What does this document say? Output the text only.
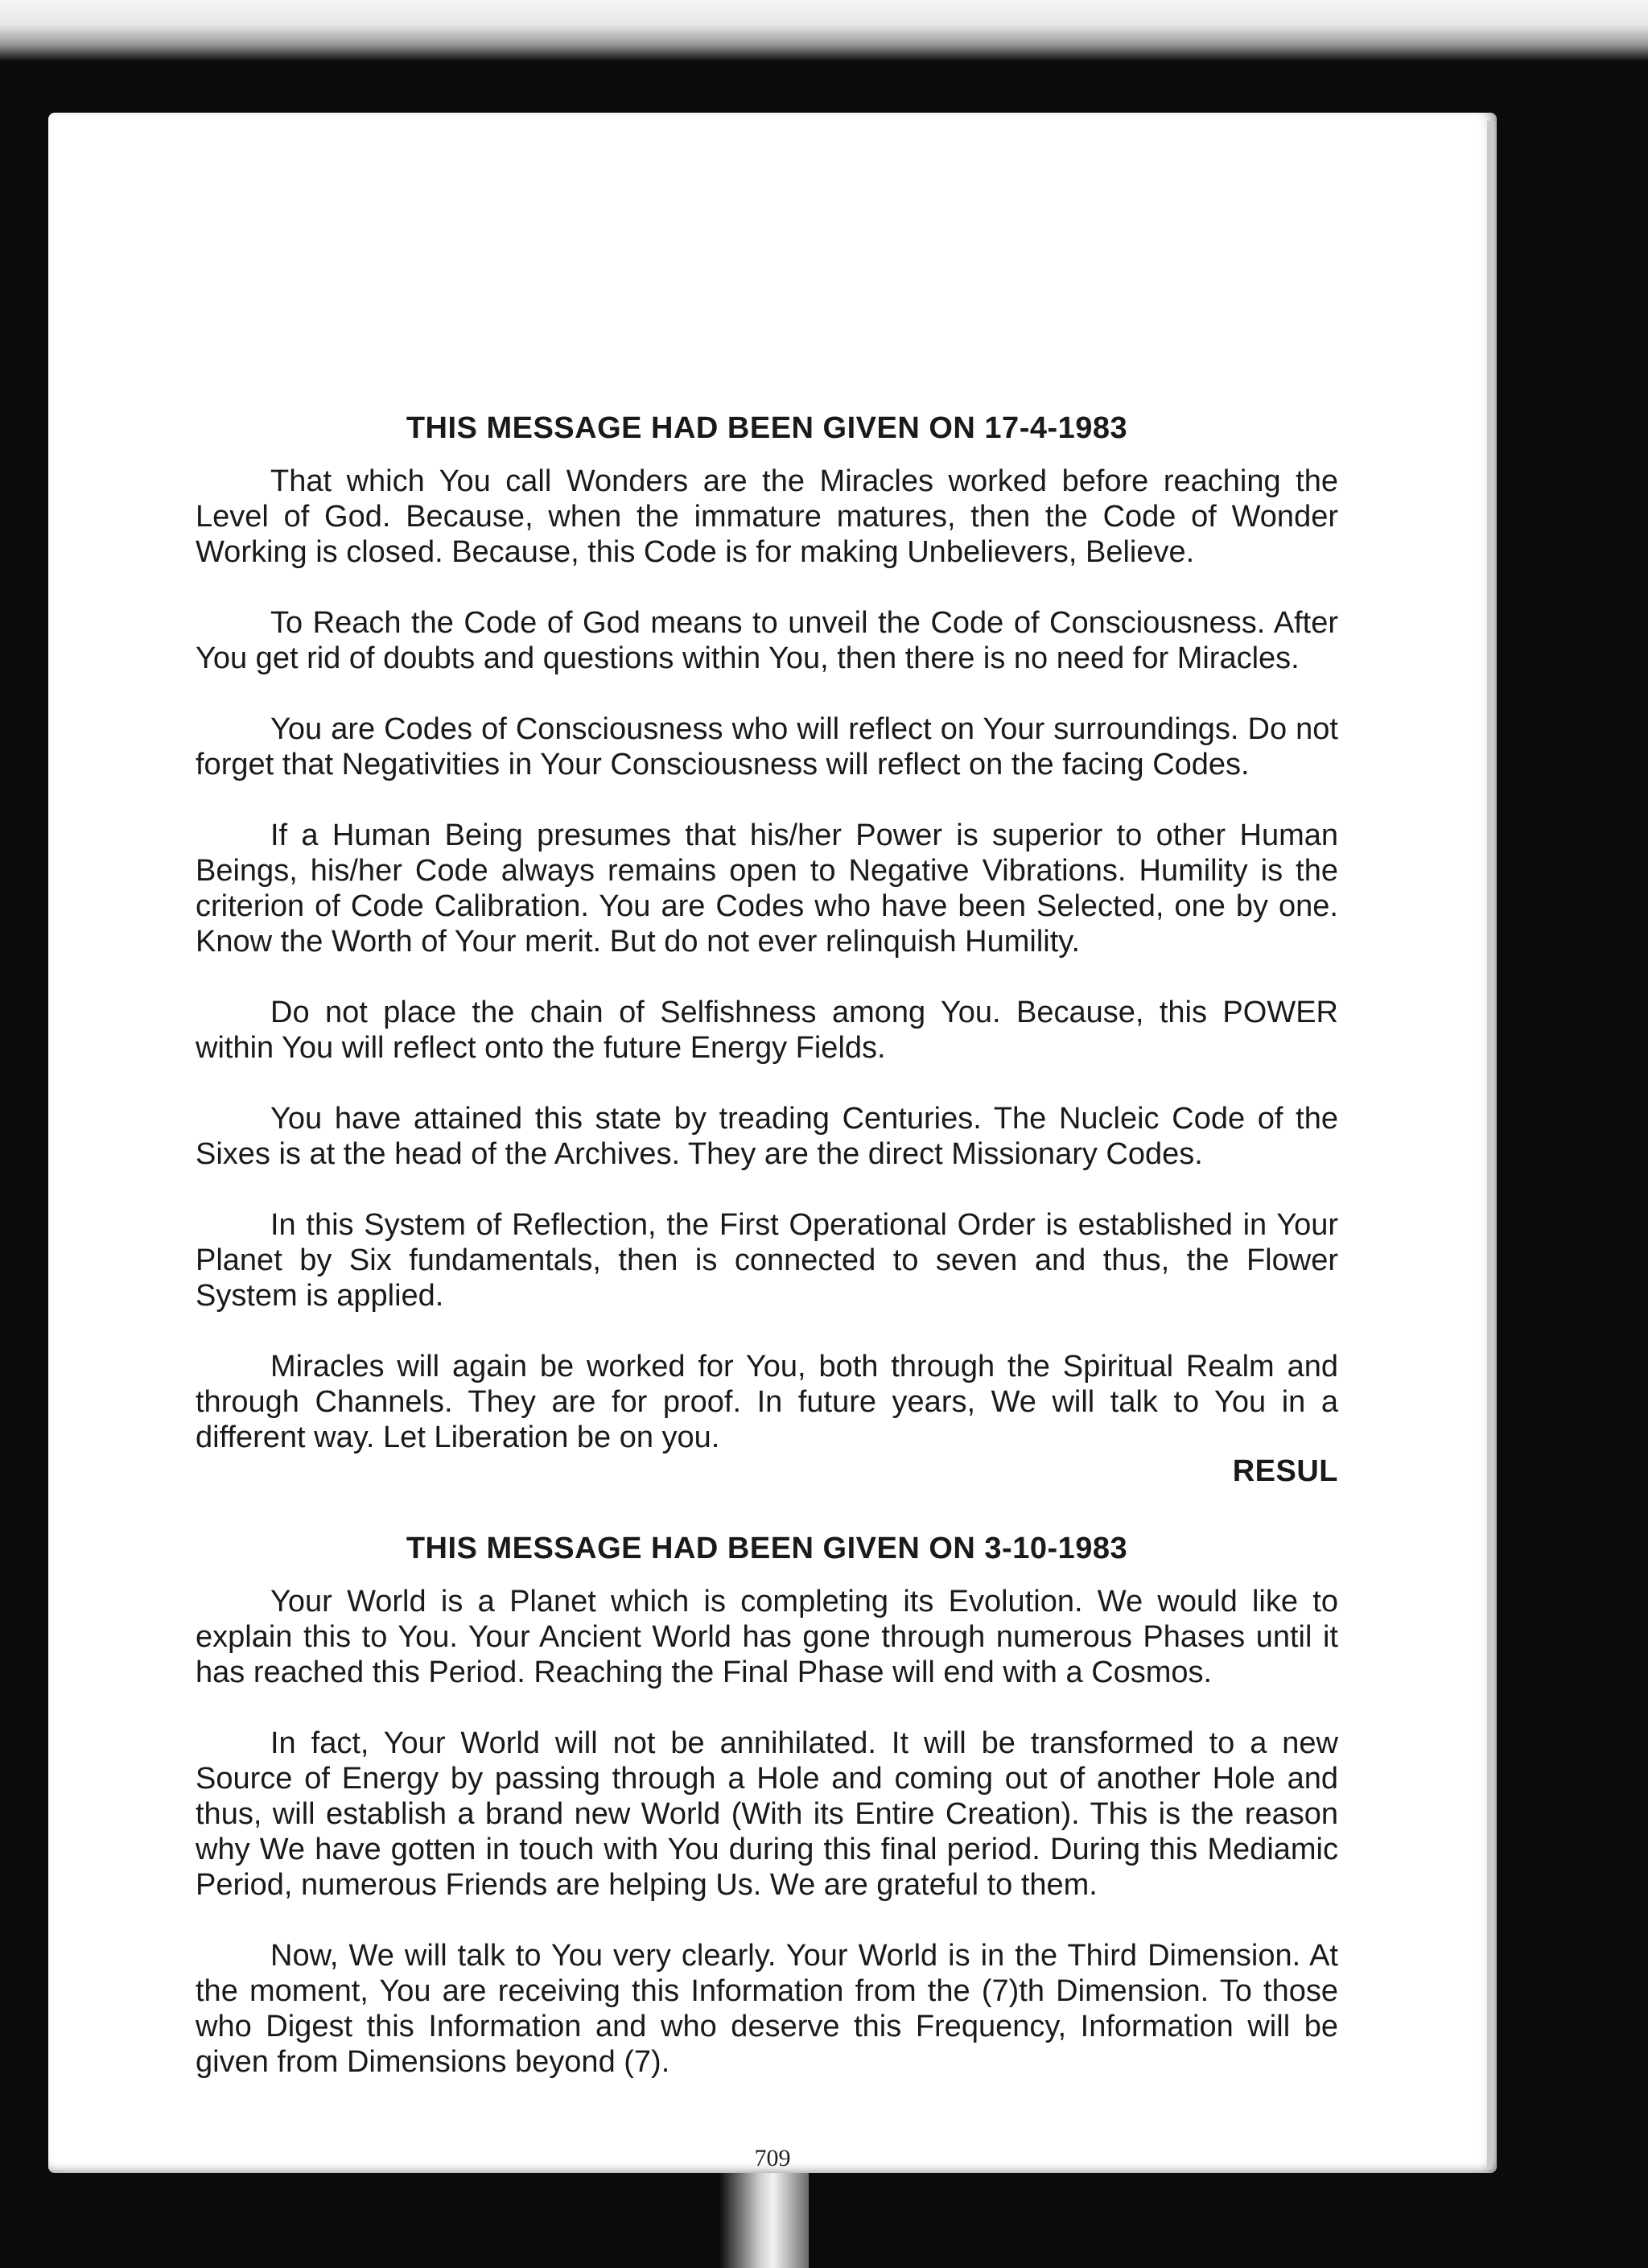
THIS MESSAGE HAD BEEN GIVEN ON 17-4-1983

That which You call Wonders are the Miracles worked before reaching the Level of God. Because, when the immature matures, then the Code of Wonder Working is closed. Because, this Code is for making Unbelievers, Believe.

To Reach the Code of God means to unveil the Code of Consciousness. After You get rid of doubts and questions within You, then there is no need for Miracles.

You are Codes of Consciousness who will reflect on Your surroundings. Do not forget that Negativities in Your Consciousness will reflect on the facing Codes.

If a Human Being presumes that his/her Power is superior to other Human Beings, his/her Code always remains open to Negative Vibrations. Humility is the criterion of Code Calibration. You are Codes who have been Selected, one by one. Know the Worth of Your merit. But do not ever relinquish Humility.

Do not place the chain of Selfishness among You. Because, this POWER within You will reflect onto the future Energy Fields.

You have attained this state by treading Centuries. The Nucleic Code of the Sixes is at the head of the Archives. They are the direct Missionary Codes.

In this System of Reflection, the First Operational Order is established in Your Planet by Six fundamentals, then is connected to seven and thus, the Flower System is applied.

Miracles will again be worked for You, both through the Spiritual Realm and through Channels. They are for proof. In future years, We will talk to You in a different way. Let Liberation be on you.

RESUL
THIS MESSAGE HAD BEEN GIVEN ON 3-10-1983

Your World is a Planet which is completing its Evolution. We would like to explain this to You. Your Ancient World has gone through numerous Phases until it has reached this Period. Reaching the Final Phase will end with a Cosmos.

In fact, Your World will not be annihilated. It will be transformed to a new Source of Energy by passing through a Hole and coming out of another Hole and thus, will establish a brand new World (With its Entire Creation). This is the reason why We have gotten in touch with You during this final period. During this Mediamic Period, numerous Friends are helping Us. We are grateful to them.

Now, We will talk to You very clearly. Your World is in the Third Dimension. At the moment, You are receiving this Information from the (7)th Dimension. To those who Digest this Information and who deserve this Frequency, Information will be given from Dimensions beyond (7).

709
